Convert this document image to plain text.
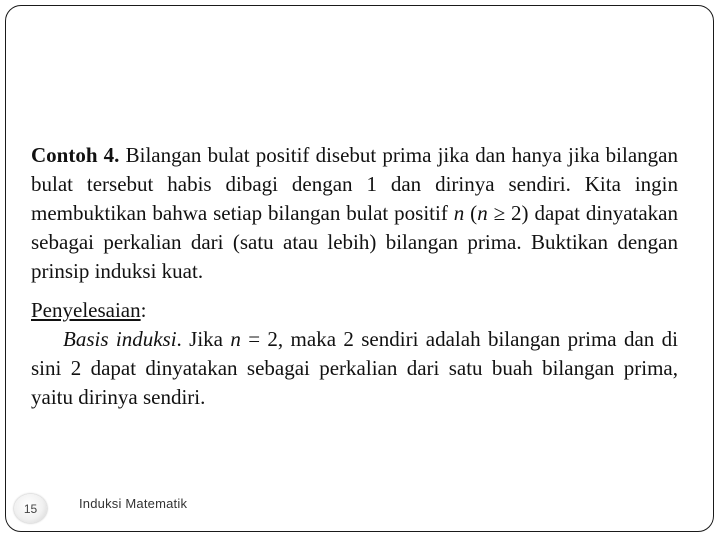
Contoh 4. Bilangan bulat positif disebut prima jika dan hanya jika bilangan bulat tersebut habis dibagi dengan 1 dan dirinya sendiri. Kita ingin membuktikan bahwa setiap bilangan bulat positif n (n ≥ 2) dapat dinyatakan sebagai perkalian dari (satu atau lebih) bilangan prima. Buktikan dengan prinsip induksi kuat.

Penyelesaian:

Basis induksi. Jika n = 2, maka 2 sendiri adalah bilangan prima dan di sini 2 dapat dinyatakan sebagai perkalian dari satu buah bilangan prima, yaitu dirinya sendiri.

15	Induksi Matematik
